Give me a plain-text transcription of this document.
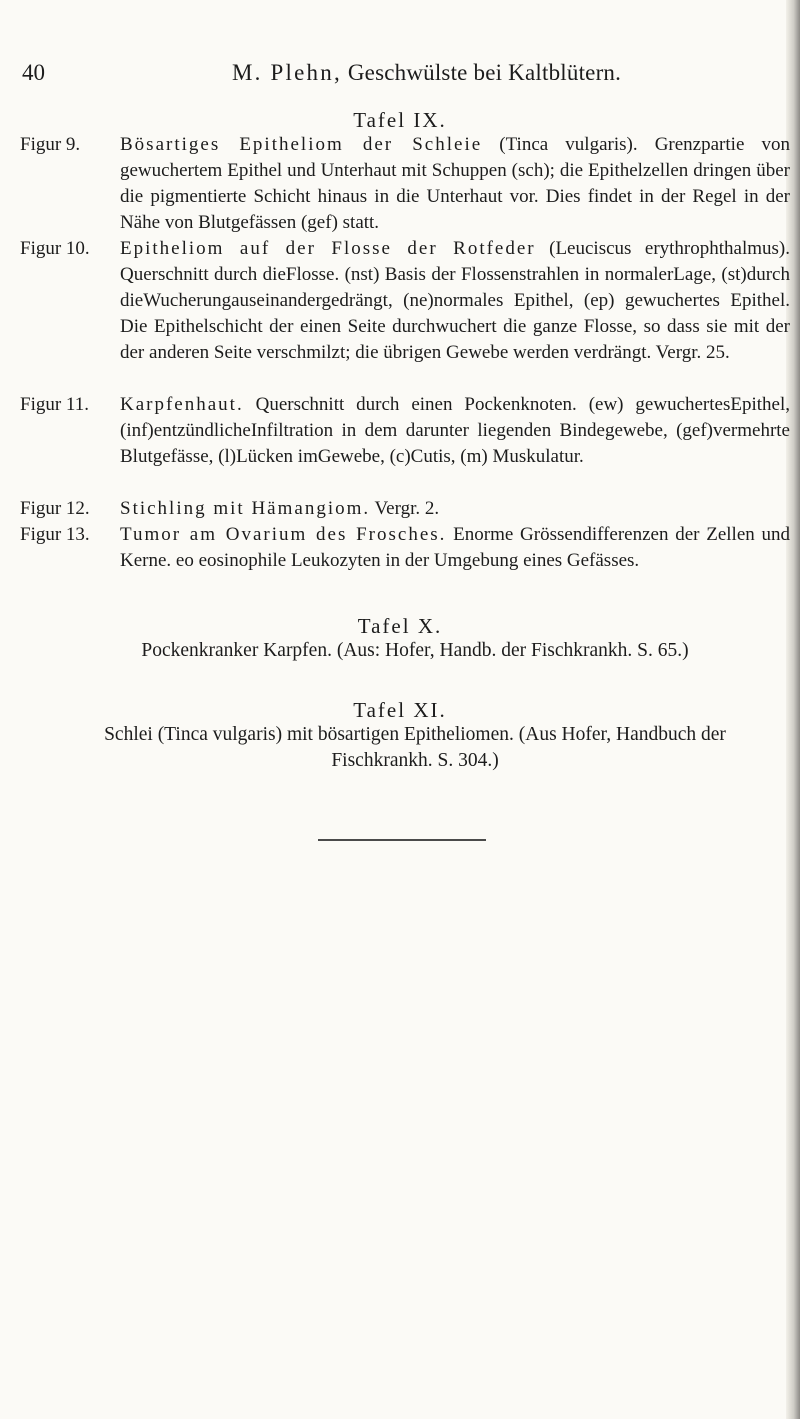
40	M. Plehn, Geschwülste bei Kaltblütern.
Tafel IX.
Figur 9. Bösartiges Epitheliom der Schleie (Tinca vulgaris). Grenzpartie von gewuchertem Epithel und Unterhaut mit Schuppen (sch); die Epithelzellen dringen über die pigmentierte Schicht hinaus in die Unterhaut vor. Dies findet in der Regel in der Nähe von Blutgefässen (gef) statt.
Figur 10. Epitheliom auf der Flosse der Rotfeder (Leuciscus erythrophthalmus). Querschnitt durch dieFlosse. (nst) Basis der Flossenstrahlen in normalerLage, (st)durch dieWucherungauseinandergedrängt, (ne)normales Epithel, (ep) gewuchertes Epithel. Die Epithelschicht der einen Seite durchwuchert die ganze Flosse, so dass sie mit der der anderen Seite verschmilzt; die übrigen Gewebe werden verdrängt. Vergr. 25.
Figur 11. Karpfenhaut. Querschnitt durch einen Pockenknoten. (ew) gewuchertesEpithel, (inf)entzündlicheInfiltration in dem darunter liegenden Bindegewebe, (gef)vermehrte Blutgefässe, (l)Lücken imGewebe, (c)Cutis, (m) Muskulatur.
Figur 12. Stichling mit Hämangiom. Vergr. 2.
Figur 13. Tumor am Ovarium des Frosches. Enorme Grössendifferenzen der Zellen und Kerne. eo eosinophile Leukozyten in der Umgebung eines Gefässes.
Tafel X.
Pockenkranker Karpfen. (Aus: Hofer, Handb. der Fischkrankh. S. 65.)
Tafel XI.
Schlei (Tinca vulgaris) mit bösartigen Epitheliomen. (Aus Hofer, Handbuch der Fischkrankh. S. 304.)
